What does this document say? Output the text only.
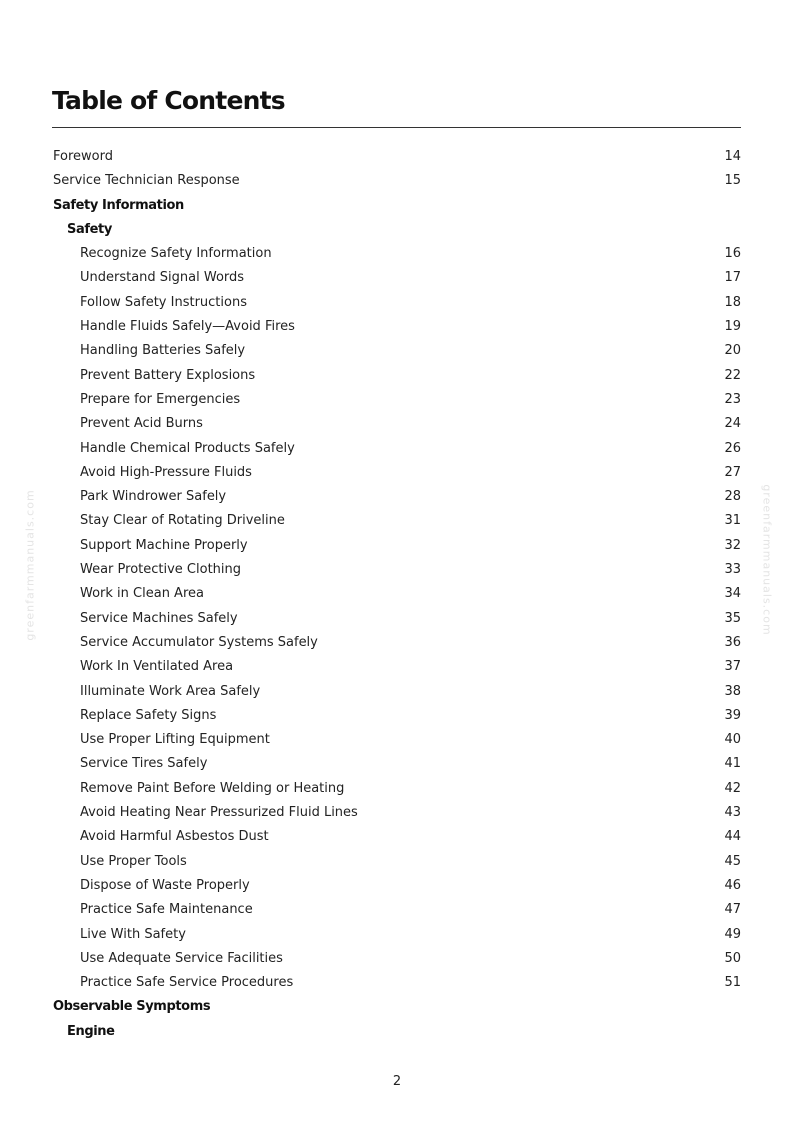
Table of Contents
Foreword	14
Service Technician Response	15
Safety Information
Safety
Recognize Safety Information	16
Understand Signal Words	17
Follow Safety Instructions	18
Handle Fluids Safely—Avoid Fires	19
Handling Batteries Safely	20
Prevent Battery Explosions	22
Prepare for Emergencies	23
Prevent Acid Burns	24
Handle Chemical Products Safely	26
Avoid High-Pressure Fluids	27
Park Windrower Safely	28
Stay Clear of Rotating Driveline	31
Support Machine Properly	32
Wear Protective Clothing	33
Work in Clean Area	34
Service Machines Safely	35
Service Accumulator Systems Safely	36
Work In Ventilated Area	37
Illuminate Work Area Safely	38
Replace Safety Signs	39
Use Proper Lifting Equipment	40
Service Tires Safely	41
Remove Paint Before Welding or Heating	42
Avoid Heating Near Pressurized Fluid Lines	43
Avoid Harmful Asbestos Dust	44
Use Proper Tools	45
Dispose of Waste Properly	46
Practice Safe Maintenance	47
Live With Safety	49
Use Adequate Service Facilities	50
Practice Safe Service Procedures	51
Observable Symptoms
Engine
greenfarmmanuals.com	greenfarmmanuals.com
2
